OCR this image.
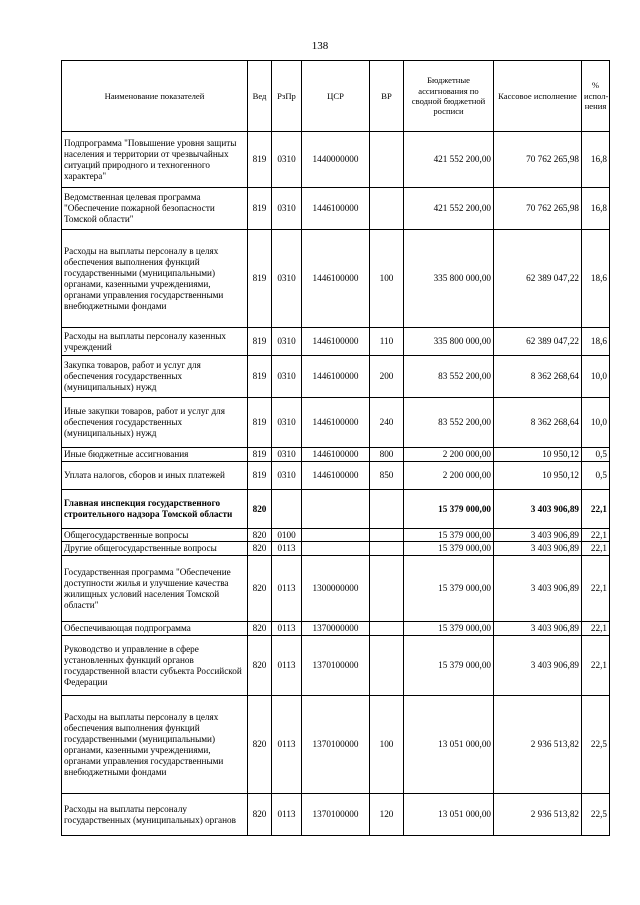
138
Наименование показателей	Вед	РзПр	ЦСР	ВР	Бюджетные ассигнования по сводной бюджетной росписи	Кассовое исполнение	% испол-нения
Подпрограмма "Повышение уровня защиты населения и территории от чрезвычайных ситуаций природного и техногенного характера"	819	0310	1440000000		421 552 200,00	70 762 265,98	16,8
Ведомственная целевая программа "Обеспечение пожарной безопасности Томской области"	819	0310	1446100000		421 552 200,00	70 762 265,98	16,8
Расходы на выплаты персоналу в целях обеспечения выполнения функций государственными (муниципальными) органами, казенными учреждениями, органами управления государственными внебюджетными фондами	819	0310	1446100000	100	335 800 000,00	62 389 047,22	18,6
Расходы на выплаты персоналу казенных учреждений	819	0310	1446100000	110	335 800 000,00	62 389 047,22	18,6
Закупка товаров, работ и услуг для обеспечения государственных (муниципальных) нужд	819	0310	1446100000	200	83 552 200,00	8 362 268,64	10,0
Иные закупки товаров, работ и услуг для обеспечения государственных (муниципальных) нужд	819	0310	1446100000	240	83 552 200,00	8 362 268,64	10,0
Иные бюджетные ассигнования	819	0310	1446100000	800	2 200 000,00	10 950,12	0,5
Уплата налогов, сборов и иных платежей	819	0310	1446100000	850	2 200 000,00	10 950,12	0,5
Главная инспекция государственного строительного надзора Томской области	820				15 379 000,00	3 403 906,89	22,1
Общегосударственные вопросы	820	0100			15 379 000,00	3 403 906,89	22,1
Другие общегосударственные вопросы	820	0113			15 379 000,00	3 403 906,89	22,1
Государственная программа "Обеспечение доступности жилья и улучшение качества жилищных условий населения Томской области"	820	0113	1300000000		15 379 000,00	3 403 906,89	22,1
Обеспечивающая подпрограмма	820	0113	1370000000		15 379 000,00	3 403 906,89	22,1
Руководство и управление в сфере установленных функций органов государственной власти субъекта Российской Федерации	820	0113	1370100000		15 379 000,00	3 403 906,89	22,1
Расходы на выплаты персоналу в целях обеспечения выполнения функций государственными (муниципальными) органами, казенными учреждениями, органами управления государственными внебюджетными фондами	820	0113	1370100000	100	13 051 000,00	2 936 513,82	22,5
Расходы на выплаты персоналу государственных (муниципальных) органов	820	0113	1370100000	120	13 051 000,00	2 936 513,82	22,5
